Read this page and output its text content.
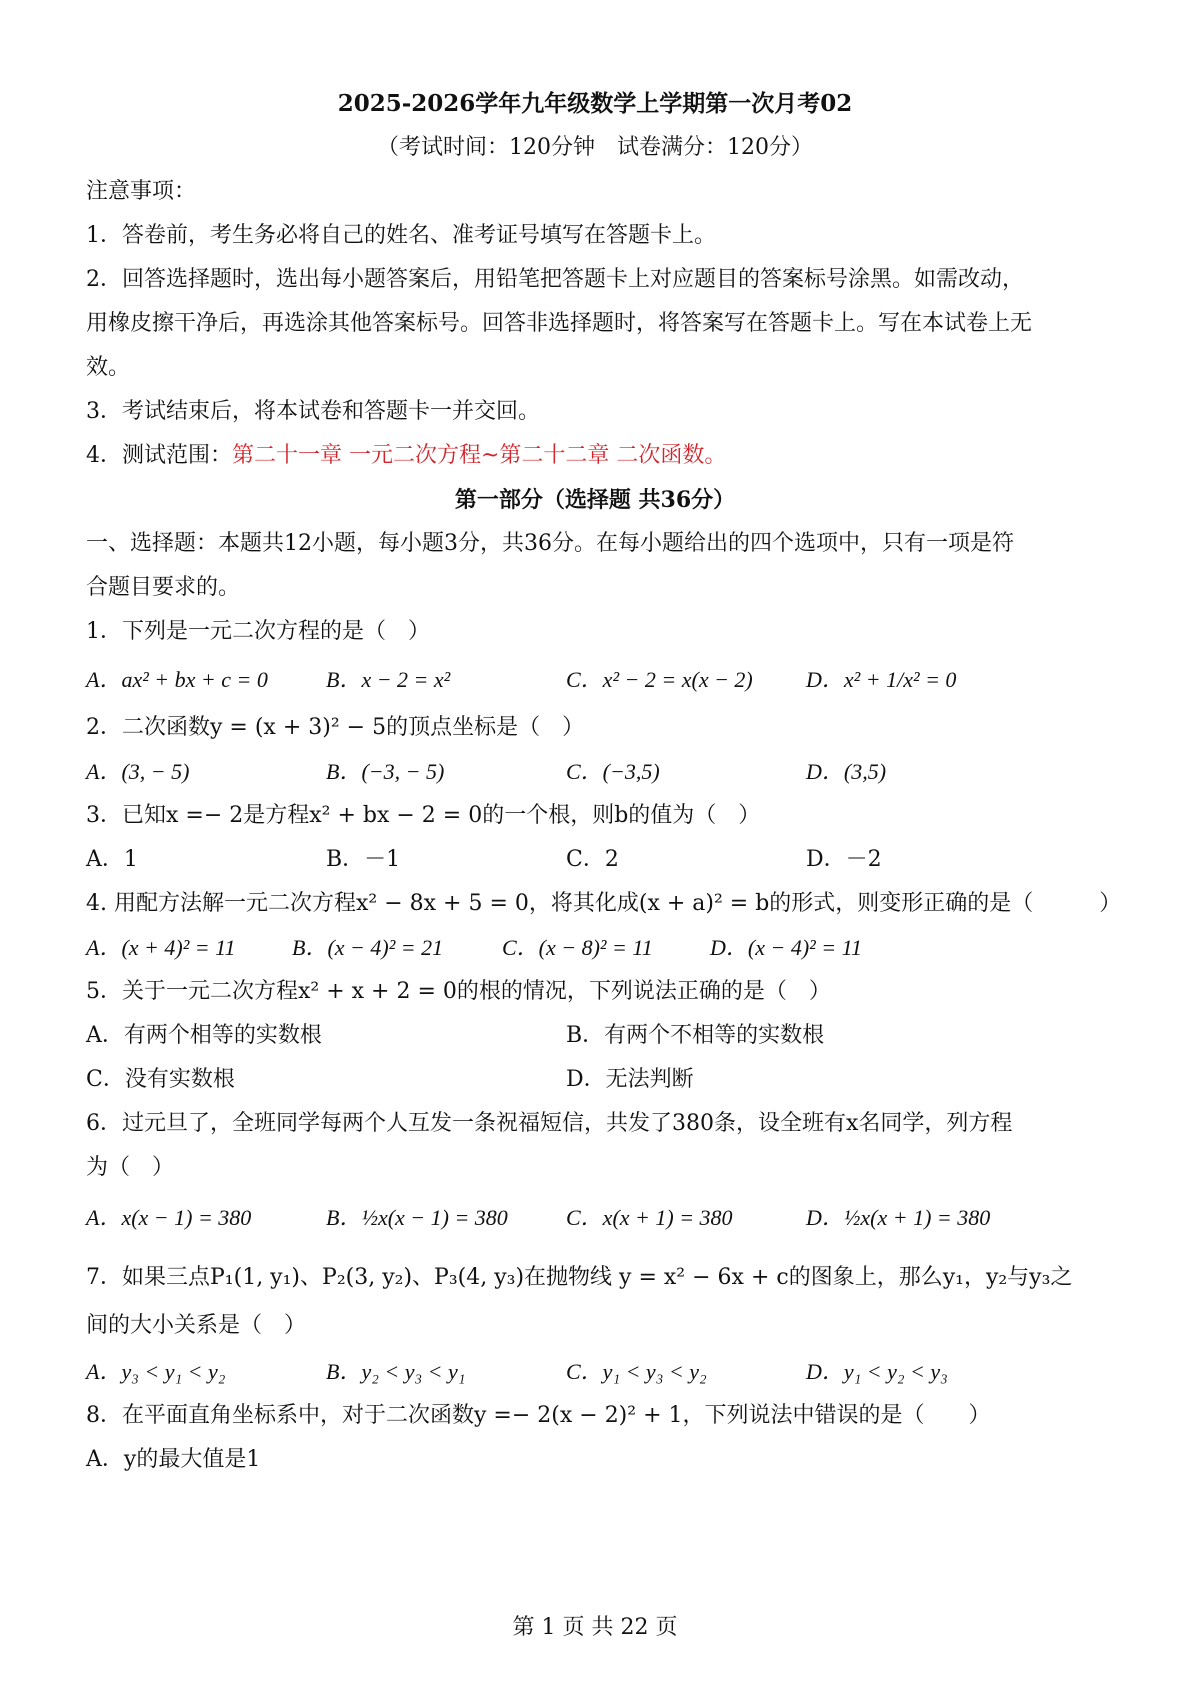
2025-2026学年九年级数学上学期第一次月考02
（考试时间：120分钟　试卷满分：120分）
注意事项：
1．答卷前，考生务必将自己的姓名、准考证号填写在答题卡上。
2．回答选择题时，选出每小题答案后，用铅笔把答题卡上对应题目的答案标号涂黑。如需改动，
用橡皮擦干净后，再选涂其他答案标号。回答非选择题时，将答案写在答题卡上。写在本试卷上无
效。
3．考试结束后，将本试卷和答题卡一并交回。
4．测试范围：第二十一章 一元二次方程~第二十二章 二次函数。
第一部分（选择题 共36分）
一、选择题：本题共12小题，每小题3分，共36分。在每小题给出的四个选项中，只有一项是符
合题目要求的。
1．下列是一元二次方程的是（　）
A．ax² + bx + c = 0	B．x − 2 = x²	C．x² − 2 = x(x − 2) D．x² + 1/x² = 0
2．二次函数y = (x + 3)² − 5的顶点坐标是（　）
A．(3, − 5)	B．(−3, − 5)	C．(−3,5)	D．(3,5)
3．已知x =− 2是方程x² + bx − 2 = 0的一个根，则b的值为（　）
A．1	B．－1	C．2	D．－2
4. 用配方法解一元二次方程x² − 8x + 5 = 0，将其化成(x + a)² = b的形式，则变形正确的是（　　　）
A．(x + 4)² = 11	B．(x − 4)² = 21	C．(x − 8)² = 11	D．(x − 4)² = 11
5．关于一元二次方程x² + x + 2 = 0的根的情况，下列说法正确的是（　）
A．有两个相等的实数根	B．有两个不相等的实数根
C．没有实数根	D．无法判断
6．过元旦了，全班同学每两个人互发一条祝福短信，共发了380条，设全班有x名同学，列方程
为（　）
A．x(x − 1) = 380	B．½x(x − 1) = 380	C．x(x + 1) = 380	D．½x(x + 1) = 380
7．如果三点P₁(1, y₁)、P₂(3, y₂)、P₃(4, y₃)在抛物线 y = x² − 6x + c的图象上，那么y₁，y₂与y₃之
间的大小关系是（　）
A．y₃ < y₁ < y₂	B．y₂ < y₃ < y₁	C．y₁ < y₃ < y₂	D．y₁ < y₂ < y₃
8．在平面直角坐标系中，对于二次函数y =− 2(x − 2)² + 1，下列说法中错误的是（　　）
A．y的最大值是1
第 1 页 共 22 页
